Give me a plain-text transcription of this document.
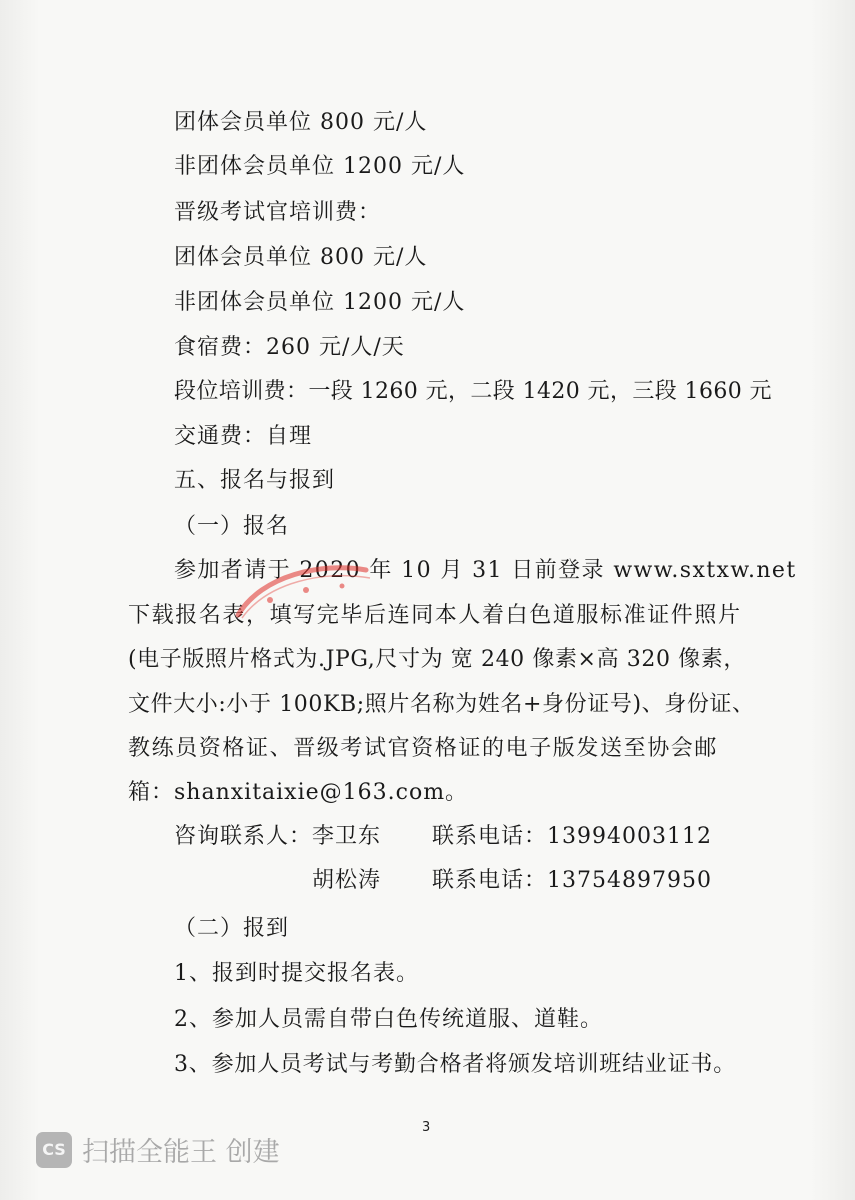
团体会员单位 800 元/人
非团体会员单位 1200 元/人
晋级考试官培训费：
团体会员单位 800 元/人
非团体会员单位 1200 元/人
食宿费：260 元/人/天
段位培训费：一段 1260 元，二段 1420 元，三段 1660 元
交通费：自理
五、报名与报到
（一）报名
参加者请于 2020 年 10 月 31 日前登录 www.sxtxw.net
下载报名表，填写完毕后连同本人着白色道服标准证件照片
(电子版照片格式为.JPG,尺寸为 宽 240 像素×高 320 像素，
文件大小:小于 100KB;照片名称为姓名+身份证号)、身份证、
教练员资格证、晋级考试官资格证的电子版发送至协会邮
箱：shanxitaixie@163.com。
咨询联系人：李卫东 联系电话：13994003112
胡松涛 联系电话：13754897950
（二）报到
1、报到时提交报名表。
2、参加人员需自带白色传统道服、道鞋。
3、参加人员考试与考勤合格者将颁发培训班结业证书。
3
CS 扫描全能王 创建
